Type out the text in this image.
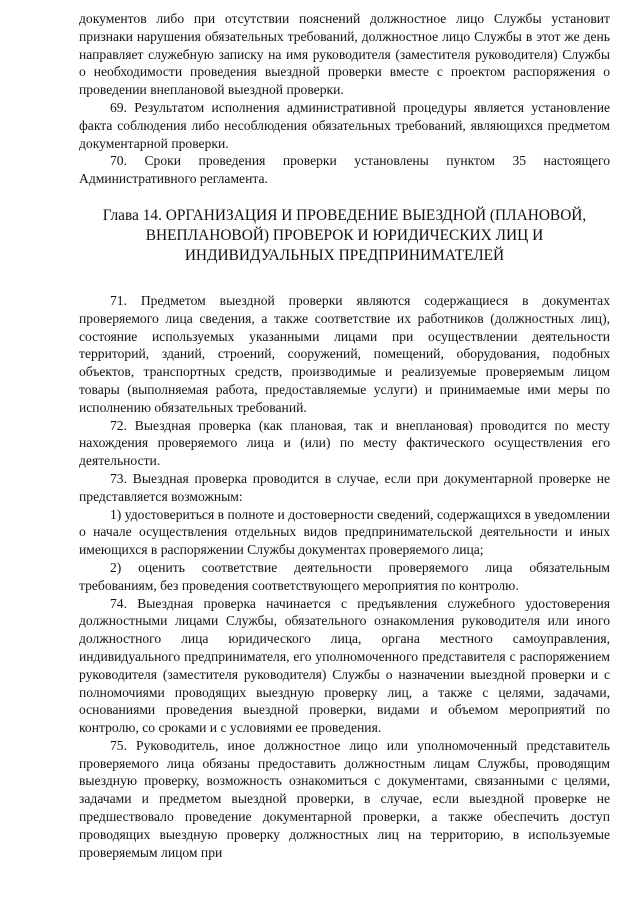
документов либо при отсутствии пояснений должностное лицо Службы установит признаки нарушения обязательных требований, должностное лицо Службы в этот же день направляет служебную записку на имя руководителя (заместителя руководителя) Службы о необходимости проведения выездной проверки вместе с проектом распоряжения о проведении внеплановой выездной проверки.

69. Результатом исполнения административной процедуры является установление факта соблюдения либо несоблюдения обязательных требований, являющихся предметом документарной проверки.

70. Сроки проведения проверки установлены пунктом 35 настоящего Административного регламента.

Глава 14. ОРГАНИЗАЦИЯ И ПРОВЕДЕНИЕ ВЫЕЗДНОЙ (ПЛАНОВОЙ,
ВНЕПЛАНОВОЙ) ПРОВЕРОК И ЮРИДИЧЕСКИХ ЛИЦ И
ИНДИВИДУАЛЬНЫХ ПРЕДПРИНИМАТЕЛЕЙ

71. Предметом выездной проверки являются содержащиеся в документах проверяемого лица сведения, а также соответствие их работников (должностных лиц), состояние используемых указанными лицами при осуществлении деятельности территорий, зданий, строений, сооружений, помещений, оборудования, подобных объектов, транспортных средств, производимые и реализуемые проверяемым лицом товары (выполняемая работа, предоставляемые услуги) и принимаемые ими меры по исполнению обязательных требований.

72. Выездная проверка (как плановая, так и внеплановая) проводится по месту нахождения проверяемого лица и (или) по месту фактического осуществления его деятельности.

73. Выездная проверка проводится в случае, если при документарной проверке не представляется возможным:

1) удостовериться в полноте и достоверности сведений, содержащихся в уведомлении о начале осуществления отдельных видов предпринимательской деятельности и иных имеющихся в распоряжении Службы документах проверяемого лица;

2) оценить соответствие деятельности проверяемого лица обязательным требованиям, без проведения соответствующего мероприятия по контролю.

74. Выездная проверка начинается с предъявления служебного удостоверения должностными лицами Службы, обязательного ознакомления руководителя или иного должностного лица юридического лица, органа местного самоуправления, индивидуального предпринимателя, его уполномоченного представителя с распоряжением руководителя (заместителя руководителя) Службы о назначении выездной проверки и с полномочиями проводящих выездную проверку лиц, а также с целями, задачами, основаниями проведения выездной проверки, видами и объемом мероприятий по контролю, со сроками и с условиями ее проведения.

75. Руководитель, иное должностное лицо или уполномоченный представитель проверяемого лица обязаны предоставить должностным лицам Службы, проводящим выездную проверку, возможность ознакомиться с документами, связанными с целями, задачами и предметом выездной проверки, в случае, если выездной проверке не предшествовало проведение документарной проверки, а также обеспечить доступ проводящих выездную проверку должностных лиц на территорию, в используемые проверяемым лицом при
